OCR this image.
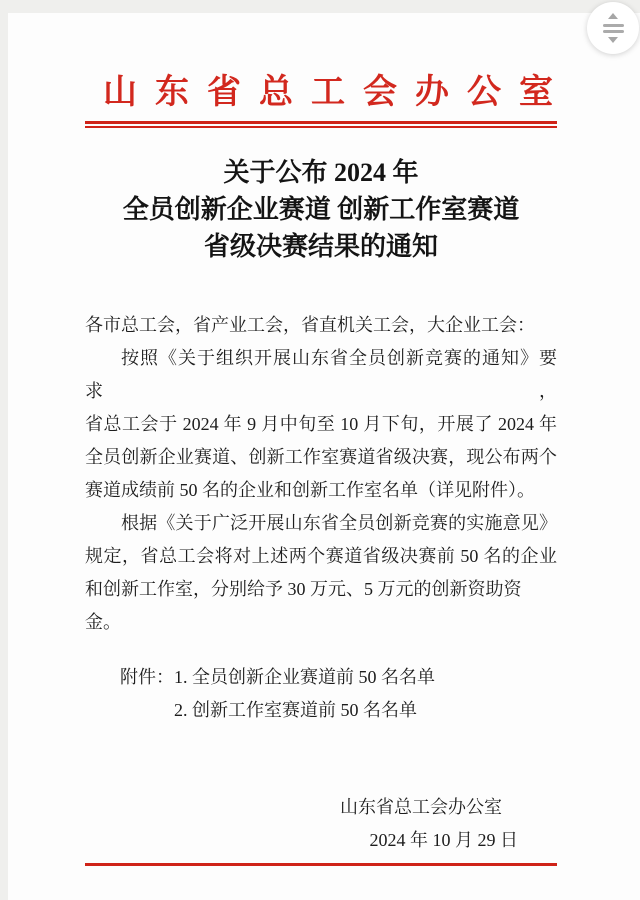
山东省总工会办公室
关于公布 2024 年
全员创新企业赛道 创新工作室赛道
省级决赛结果的通知
各市总工会，省产业工会，省直机关工会，大企业工会：
按照《关于组织开展山东省全员创新竞赛的通知》要求，
省总工会于 2024 年 9 月中旬至 10 月下旬，开展了 2024 年
全员创新企业赛道、创新工作室赛道省级决赛，现公布两个
赛道成绩前 50 名的企业和创新工作室名单（详见附件）。
根据《关于广泛开展山东省全员创新竞赛的实施意见》
规定，省总工会将对上述两个赛道省级决赛前 50 名的企业
和创新工作室，分别给予 30 万元、5 万元的创新资助资金。
附件：1. 全员创新企业赛道前 50 名名单
2. 创新工作室赛道前 50 名名单
山东省总工会办公室
2024 年 10 月 29 日
